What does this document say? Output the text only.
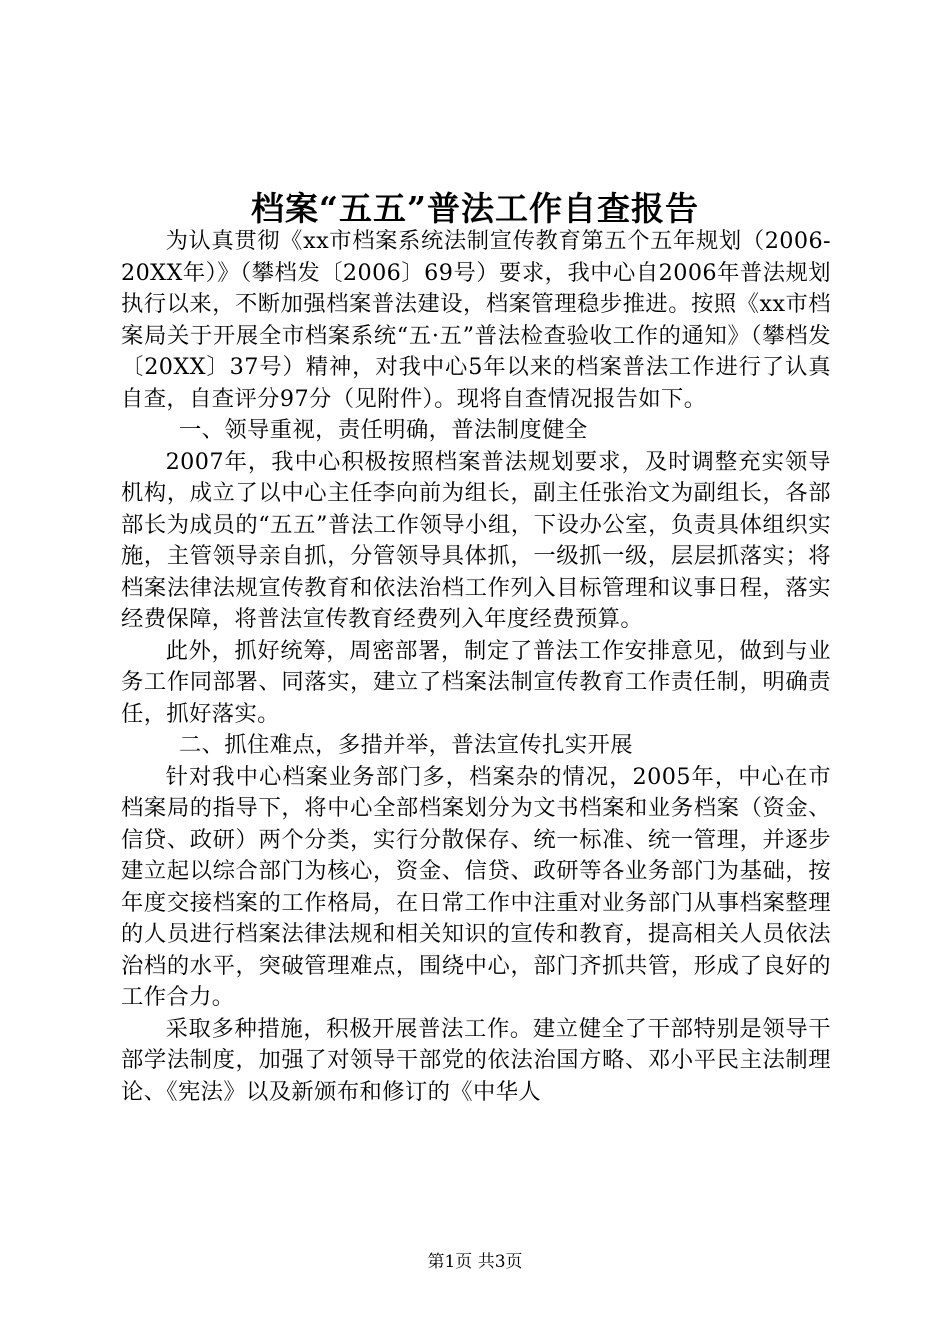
档案“五五”普法工作自查报告

为认真贯彻《xx市档案系统法制宣传教育第五个五年规划（2006-20XX年）》（攀档发〔2006〕69号）要求，我中心自2006年普法规划执行以来，不断加强档案普法建设，档案管理稳步推进。按照《xx市档案局关于开展全市档案系统“五·五”普法检查验收工作的通知》（攀档发〔20XX〕37号）精神，对我中心5年以来的档案普法工作进行了认真自查，自查评分97分（见附件）。现将自查情况报告如下。

一、领导重视，责任明确，普法制度健全

2007年，我中心积极按照档案普法规划要求，及时调整充实领导机构，成立了以中心主任李向前为组长，副主任张治文为副组长，各部部长为成员的“五五”普法工作领导小组，下设办公室，负责具体组织实施，主管领导亲自抓，分管领导具体抓，一级抓一级，层层抓落实；将档案法律法规宣传教育和依法治档工作列入目标管理和议事日程，落实经费保障，将普法宣传教育经费列入年度经费预算。

此外，抓好统筹，周密部署，制定了普法工作安排意见，做到与业务工作同部署、同落实，建立了档案法制宣传教育工作责任制，明确责任，抓好落实。

二、抓住难点，多措并举，普法宣传扎实开展

针对我中心档案业务部门多，档案杂的情况，2005年，中心在市档案局的指导下，将中心全部档案划分为文书档案和业务档案（资金、信贷、政研）两个分类，实行分散保存、统一标准、统一管理，并逐步建立起以综合部门为核心，资金、信贷、政研等各业务部门为基础，按年度交接档案的工作格局，在日常工作中注重对业务部门从事档案整理的人员进行档案法律法规和相关知识的宣传和教育，提高相关人员依法治档的水平，突破管理难点，围绕中心，部门齐抓共管，形成了良好的工作合力。

采取多种措施，积极开展普法工作。建立健全了干部特别是领导干部学法制度，加强了对领导干部党的依法治国方略、邓小平民主法制理论、《宪法》以及新颁布和修订的《中华人

第1页 共3页
